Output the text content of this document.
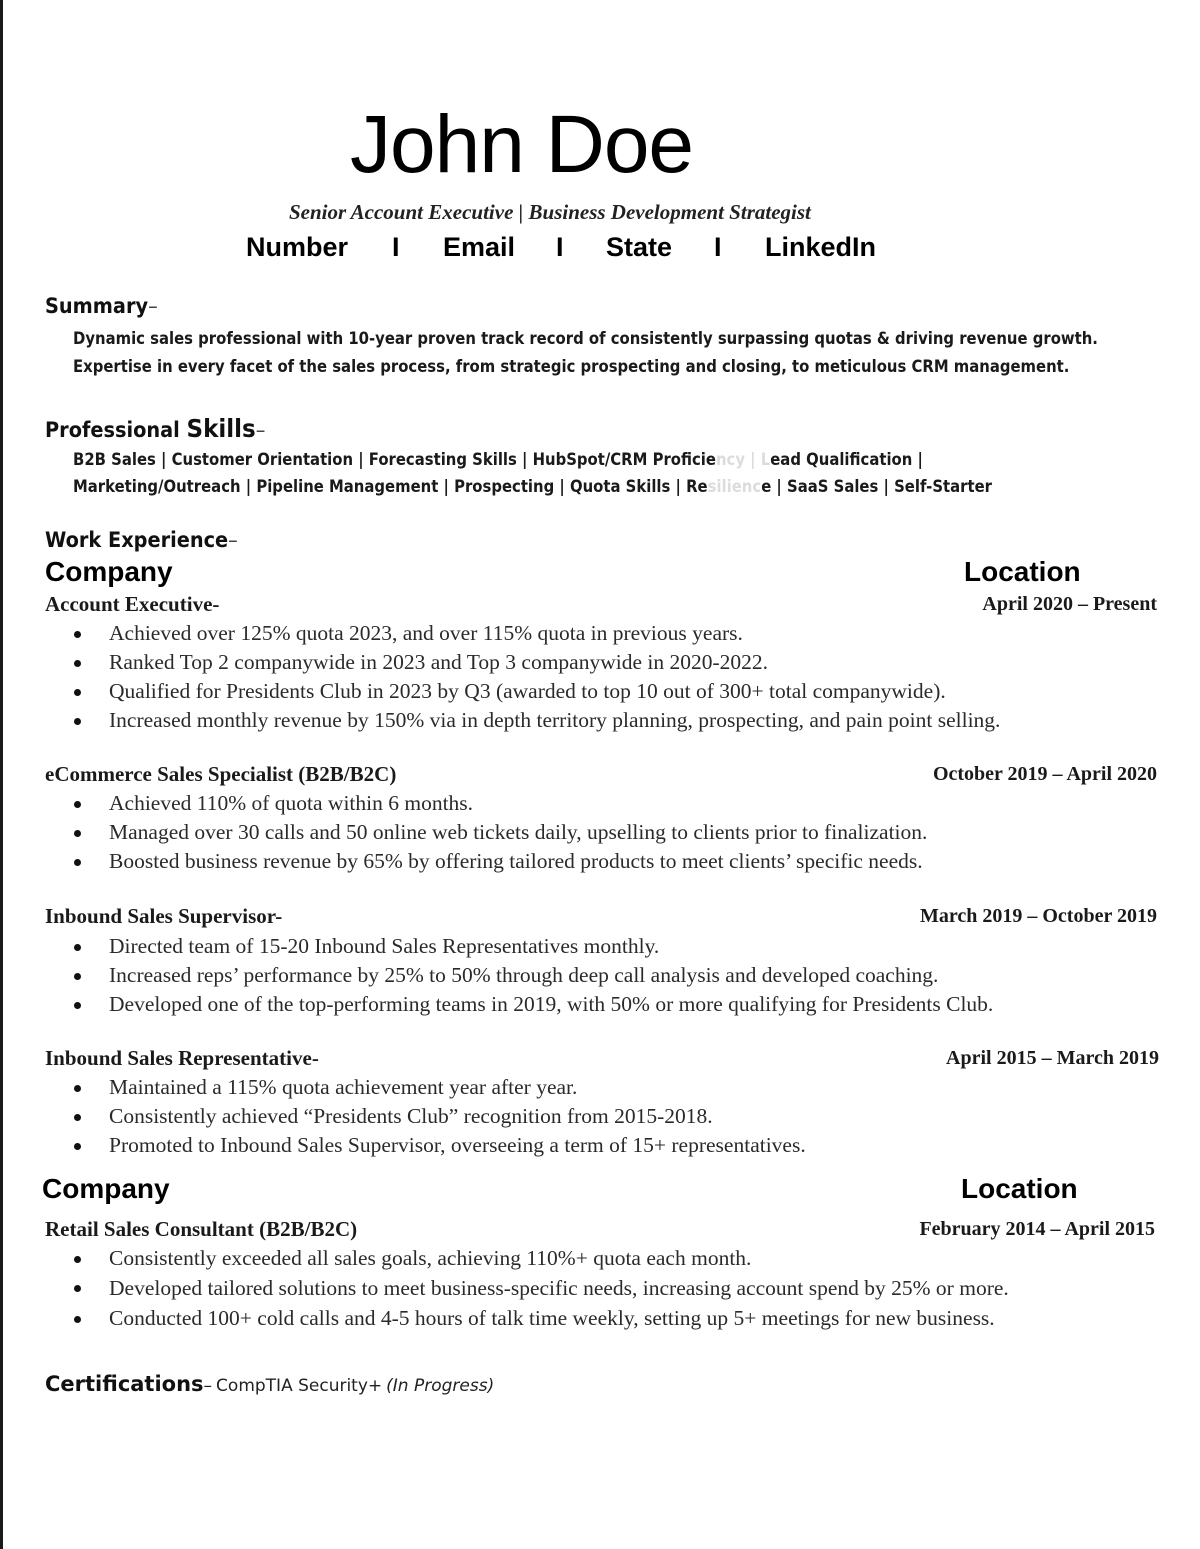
John Doe
Senior Account Executive | Business Development Strategist
Number I Email I State I LinkedIn
Summary–
Dynamic sales professional with 10-year proven track record of consistently surpassing quotas & driving revenue growth.
Expertise in every facet of the sales process, from strategic prospecting and closing, to meticulous CRM management.
Professional Skills–
B2B Sales | Customer Orientation | Forecasting Skills | HubSpot/CRM Proficiency | Lead Qualification |
Marketing/Outreach | Pipeline Management | Prospecting | Quota Skills | Resilience | SaaS Sales | Self-Starter
Work Experience–
Company	Location
Account Executive-	April 2020 – Present
Achieved over 125% quota 2023, and over 115% quota in previous years.
Ranked Top 2 companywide in 2023 and Top 3 companywide in 2020-2022.
Qualified for Presidents Club in 2023 by Q3 (awarded to top 10 out of 300+ total companywide).
Increased monthly revenue by 150% via in depth territory planning, prospecting, and pain point selling.
eCommerce Sales Specialist (B2B/B2C)	October 2019 – April 2020
Achieved 110% of quota within 6 months.
Managed over 30 calls and 50 online web tickets daily, upselling to clients prior to finalization.
Boosted business revenue by 65% by offering tailored products to meet clients’ specific needs.
Inbound Sales Supervisor-	March 2019 – October 2019
Directed team of 15-20 Inbound Sales Representatives monthly.
Increased reps’ performance by 25% to 50% through deep call analysis and developed coaching.
Developed one of the top-performing teams in 2019, with 50% or more qualifying for Presidents Club.
Inbound Sales Representative-	April 2015 – March 2019
Maintained a 115% quota achievement year after year.
Consistently achieved “Presidents Club” recognition from 2015-2018.
Promoted to Inbound Sales Supervisor, overseeing a term of 15+ representatives.
Company	Location
Retail Sales Consultant (B2B/B2C)	February 2014 – April 2015
Consistently exceeded all sales goals, achieving 110%+ quota each month.
Developed tailored solutions to meet business-specific needs, increasing account spend by 25% or more.
Conducted 100+ cold calls and 4-5 hours of talk time weekly, setting up 5+ meetings for new business.
Certifications– CompTIA Security+ (In Progress)
